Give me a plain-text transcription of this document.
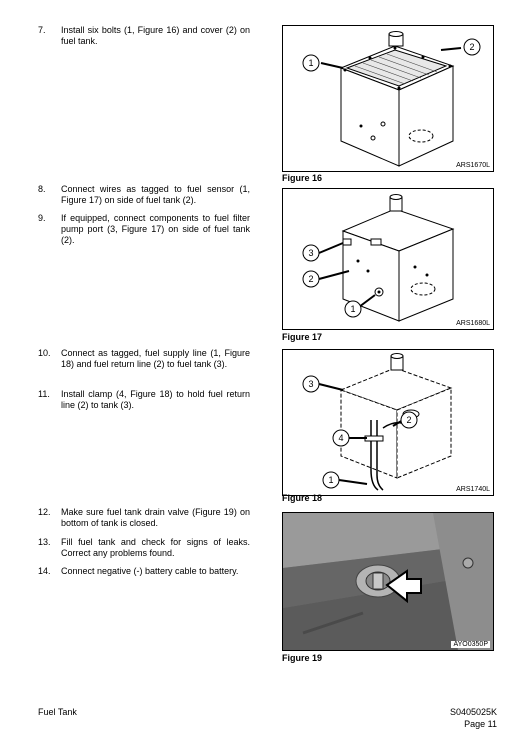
7.	Install six bolts (1, Figure 16) and cover (2) on fuel tank.
8.	Connect wires as tagged to fuel sensor (1, Figure 17) on side of fuel tank (2).
9.	If equipped, connect components to fuel filter pump port (3, Figure 17) on side of fuel tank (2).
10.	Connect as tagged, fuel supply line (1, Figure 18) and fuel return line (2) to fuel tank (3).
11.	Install clamp (4, Figure 18) to hold fuel return line (2) to tank (3).
12.	Make sure fuel tank drain valve (Figure 19) on bottom of tank is closed.
13.	Fill fuel tank and check for signs of leaks. Correct any problems found.
14.	Connect negative (-) battery cable to battery.
1
2
ARS1670L
Figure 16
3
2
1
ARS1680L
Figure 17
3
2
4
1
ARS1740L
Figure 18
AYO0350P
Figure 19
Fuel Tank	S0405025K
Page 11
